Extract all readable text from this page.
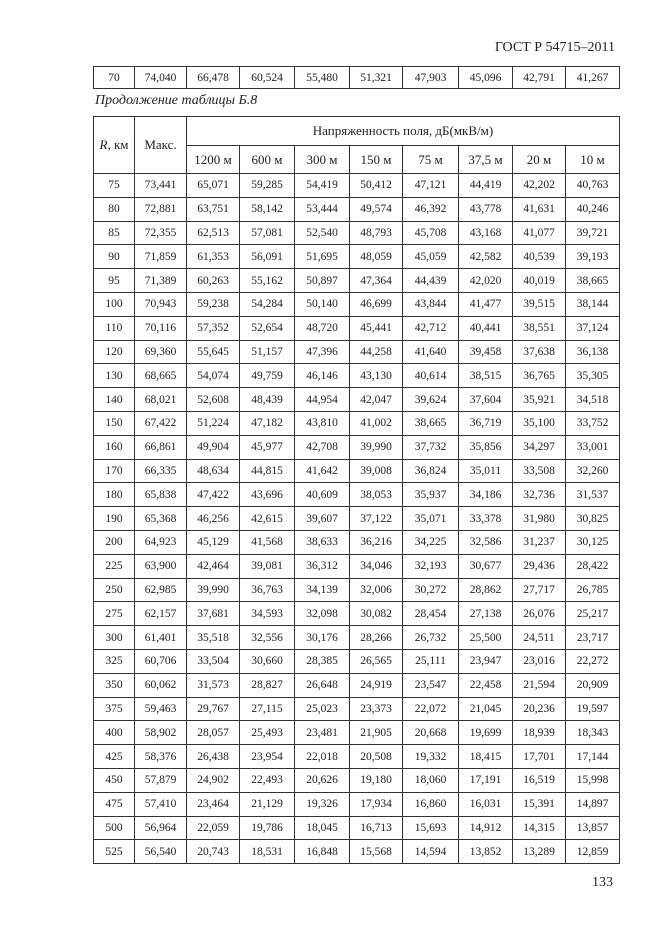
ГОСТ Р 54715–2011
70	74,040	66,478	60,524	55,480	51,321	47,903	45,096	42,791	41,267
Продолжение таблицы Б.8
R, км	Макс.	Напряженность поля, дБ(мкВ/м)							
		1200 м	600 м	300 м	150 м	75 м	37,5 м	20 м	10 м
75	73,441	65,071	59,285	54,419	50,412	47,121	44,419	42,202	40,763
80	72,881	63,751	58,142	53,444	49,574	46,392	43,778	41,631	40,246
85	72,355	62,513	57,081	52,540	48,793	45,708	43,168	41,077	39,721
90	71,859	61,353	56,091	51,695	48,059	45,059	42,582	40,539	39,193
95	71,389	60,263	55,162	50,897	47,364	44,439	42,020	40,019	38,665
100	70,943	59,238	54,284	50,140	46,699	43,844	41,477	39,515	38,144
110	70,116	57,352	52,654	48,720	45,441	42,712	40,441	38,551	37,124
120	69,360	55,645	51,157	47,396	44,258	41,640	39,458	37,638	36,138
130	68,665	54,074	49,759	46,146	43,130	40,614	38,515	36,765	35,305
140	68,021	52,608	48,439	44,954	42,047	39,624	37,604	35,921	34,518
150	67,422	51,224	47,182	43,810	41,002	38,665	36,719	35,100	33,752
160	66,861	49,904	45,977	42,708	39,990	37,732	35,856	34,297	33,001
170	66,335	48,634	44,815	41,642	39,008	36,824	35,011	33,508	32,260
180	65,838	47,422	43,696	40,609	38,053	35,937	34,186	32,736	31,537
190	65,368	46,256	42,615	39,607	37,122	35,071	33,378	31,980	30,825
200	64,923	45,129	41,568	38,633	36,216	34,225	32,586	31,237	30,125
225	63,900	42,464	39,081	36,312	34,046	32,193	30,677	29,436	28,422
250	62,985	39,990	36,763	34,139	32,006	30,272	28,862	27,717	26,785
275	62,157	37,681	34,593	32,098	30,082	28,454	27,138	26,076	25,217
300	61,401	35,518	32,556	30,176	28,266	26,732	25,500	24,511	23,717
325	60,706	33,504	30,660	28,385	26,565	25,111	23,947	23,016	22,272
350	60,062	31,573	28,827	26,648	24,919	23,547	22,458	21,594	20,909
375	59,463	29,767	27,115	25,023	23,373	22,072	21,045	20,236	19,597
400	58,902	28,057	25,493	23,481	21,905	20,668	19,699	18,939	18,343
425	58,376	26,438	23,954	22,018	20,508	19,332	18,415	17,701	17,144
450	57,879	24,902	22,493	20,626	19,180	18,060	17,191	16,519	15,998
475	57,410	23,464	21,129	19,326	17,934	16,860	16,031	15,391	14,897
500	56,964	22,059	19,786	18,045	16,713	15,693	14,912	14,315	13,857
525	56,540	20,743	18,531	16,848	15,568	14,594	13,852	13,289	12,859
133
